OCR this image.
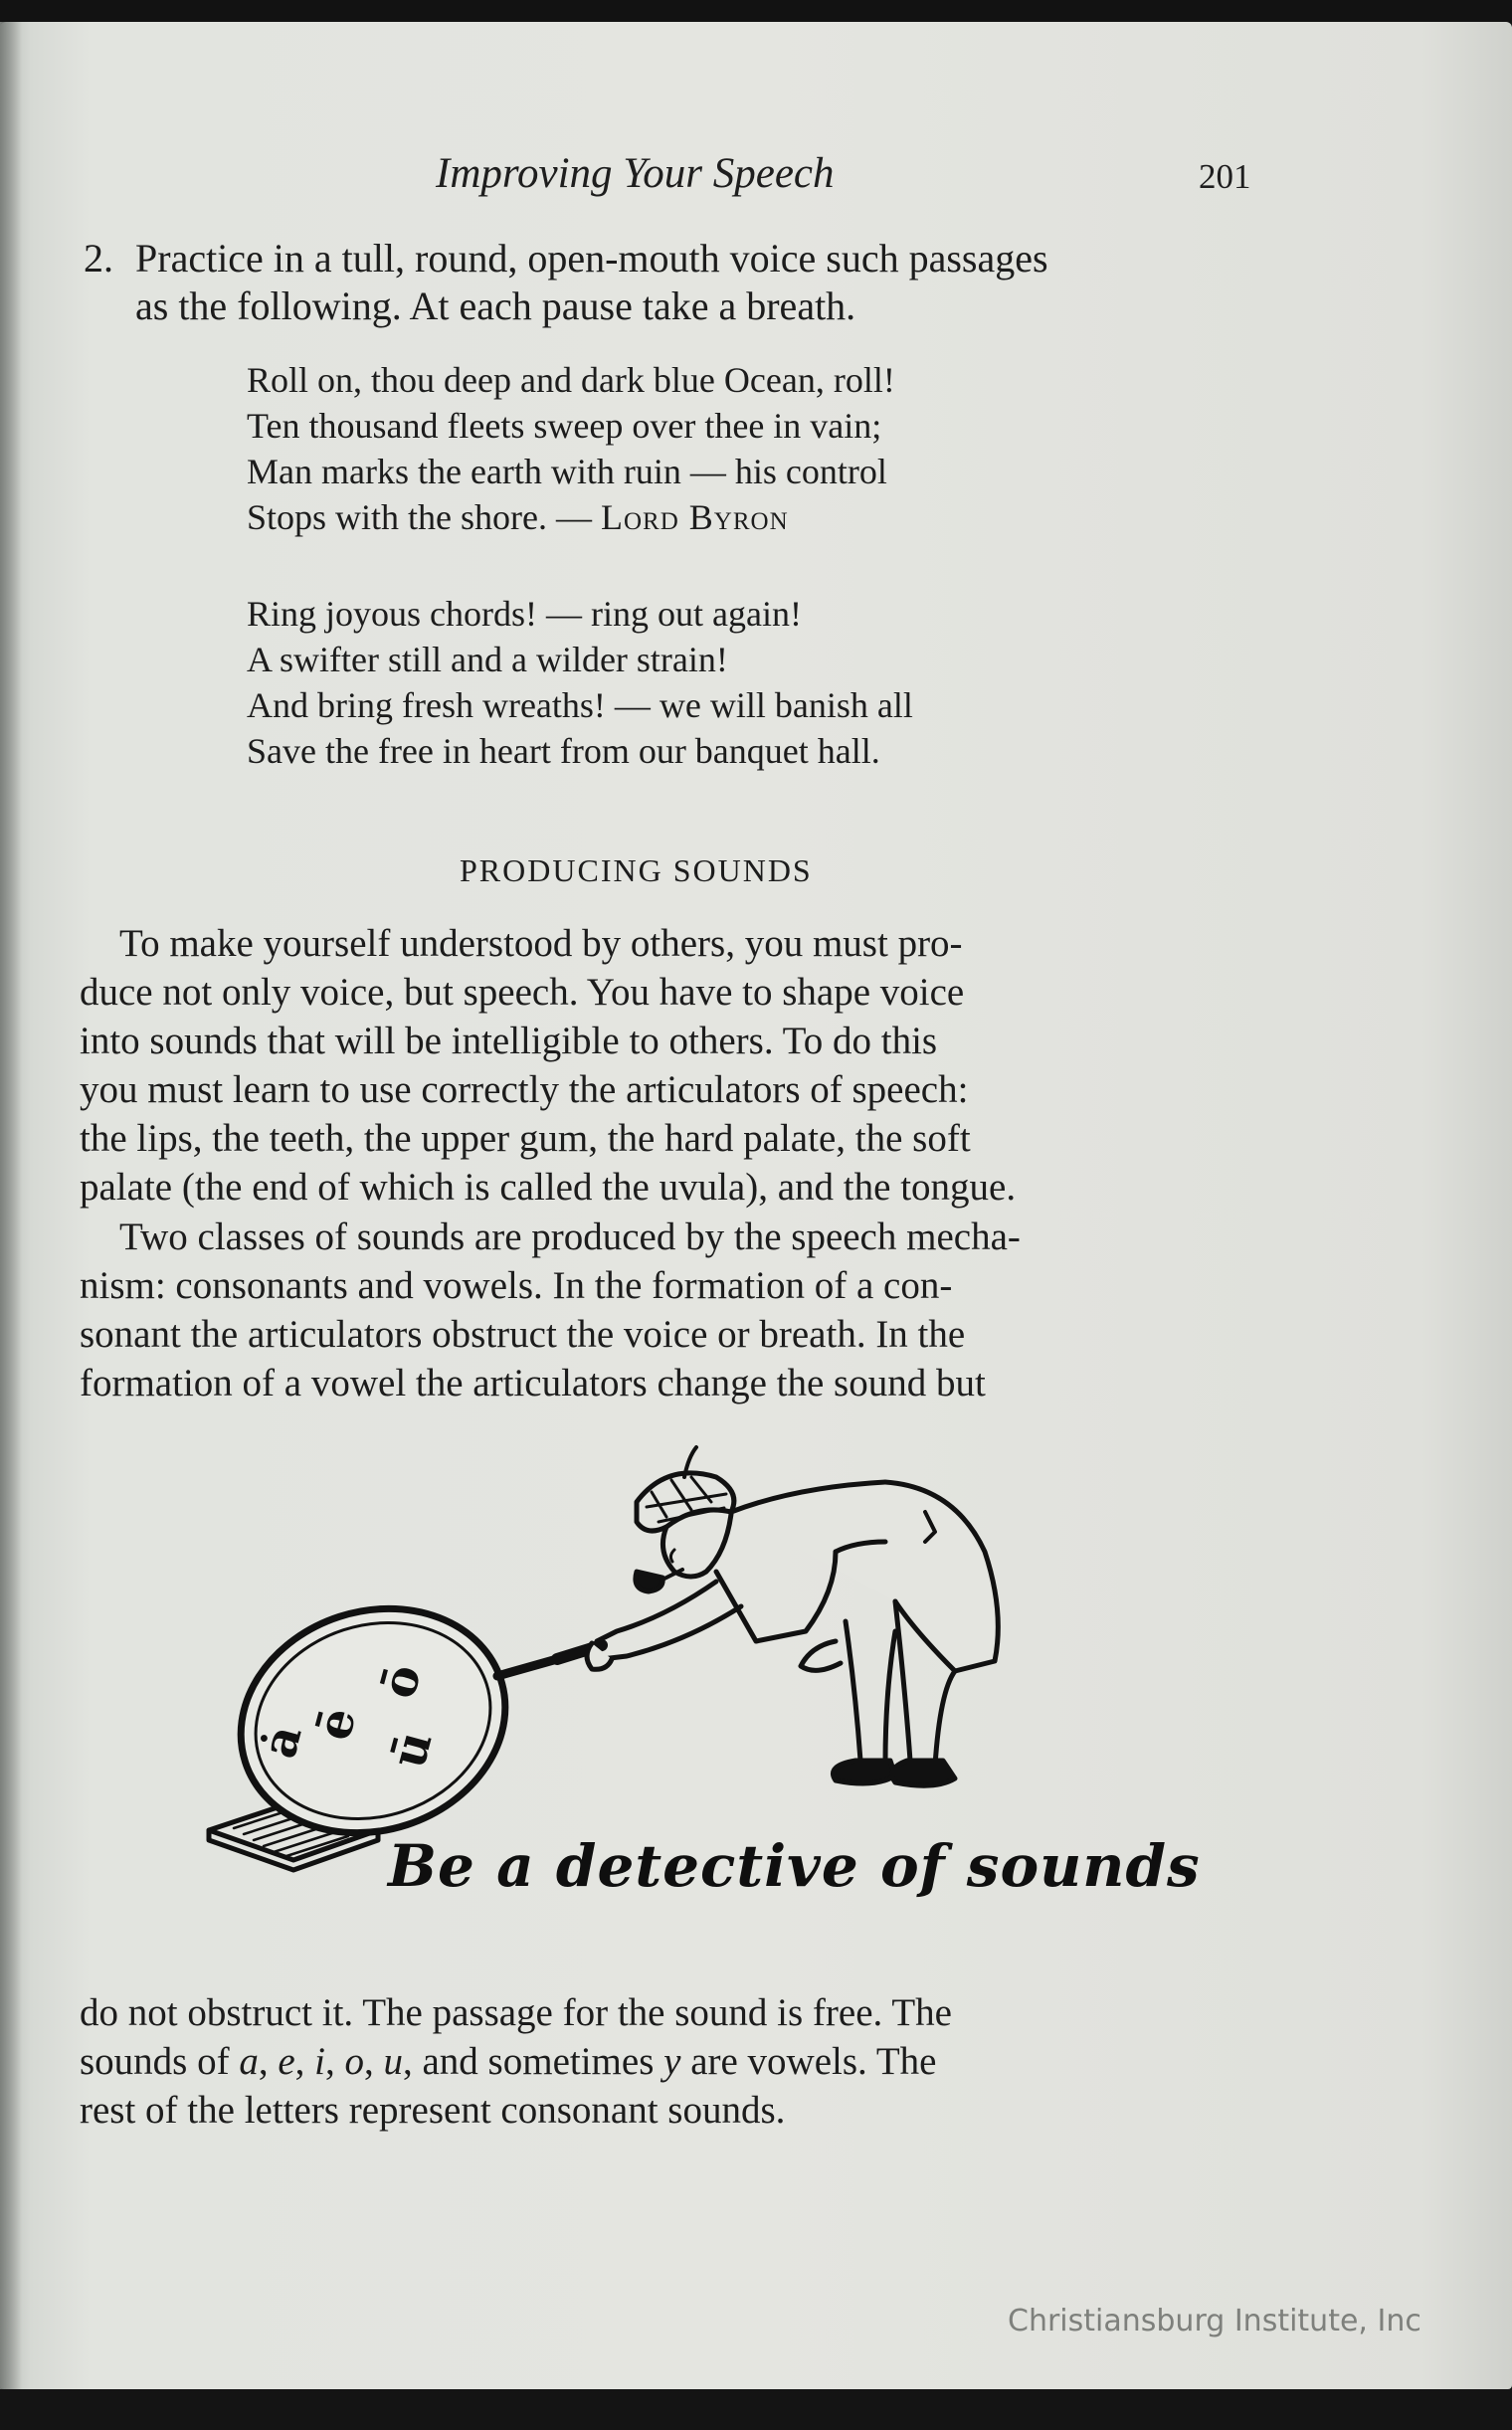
Improving Your Speech	201
2. Practice in a tull, round, open-mouth voice such passages
as the following. At each pause take a breath.
Roll on, thou deep and dark blue Ocean, roll!
Ten thousand fleets sweep over thee in vain;
Man marks the earth with ruin — his control
Stops with the shore. — Lord Byron
Ring joyous chords! — ring out again!
A swifter still and a wilder strain!
And bring fresh wreaths! — we will banish all
Save the free in heart from our banquet hall.
PRODUCING SOUNDS
To make yourself understood by others, you must pro-
duce not only voice, but speech. You have to shape voice
into sounds that will be intelligible to others. To do this
you must learn to use correctly the articulators of speech:
the lips, the teeth, the upper gum, the hard palate, the soft
palate (the end of which is called the uvula), and the tongue.
Two classes of sounds are produced by the speech mecha-
nism: consonants and vowels. In the formation of a con-
sonant the articulators obstruct the voice or breath. In the
formation of a vowel the articulators change the sound but
ȧ
ē
ō
ū
Be a detective of sounds
do not obstruct it. The passage for the sound is free. The
sounds of a, e, i, o, u, and sometimes y are vowels. The
rest of the letters represent consonant sounds.
Christiansburg Institute, Inc
